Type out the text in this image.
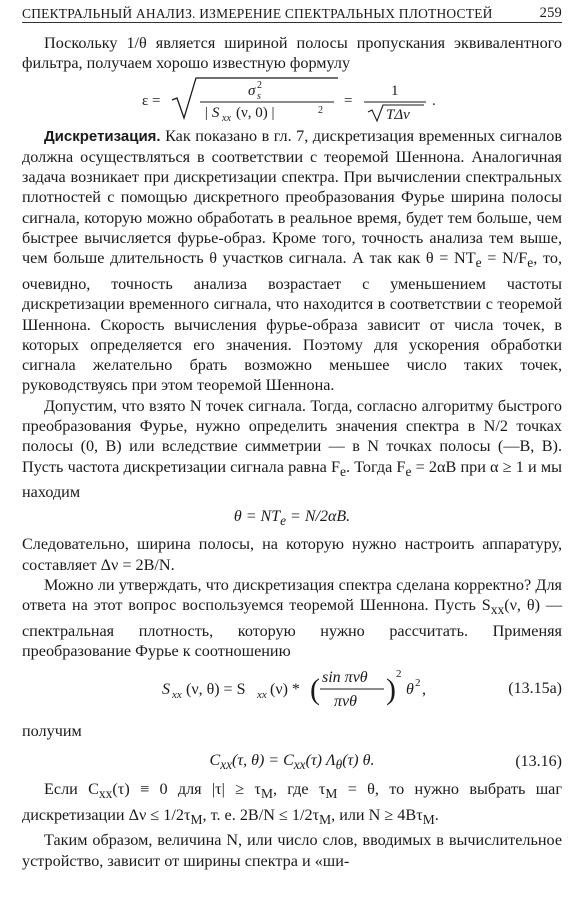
СПЕКТРАЛЬНЫЙ АНАЛИЗ. ИЗМЕРЕНИЕ СПЕКТРАЛЬНЫХ ПЛОТНОСТЕЙ	259

Поскольку 1/θ является шириной полосы пропускания эквивалентного фильтра, получаем хорошо известную формулу

ε =
σ 2
s
| S xx (ν, 0) |	2
=
1
TΔν
.

Дискретизация. Как показано в гл. 7, дискретизация временных сигналов должна осуществляться в соответствии с теоремой Шеннона. Аналогичная задача возникает при дискретизации спектра. При вычислении спектральных плотностей с помощью дискретного преобразования Фурье ширина полосы сигнала, которую можно обработать в реальное время, будет тем больше, чем быстрее вычисляется фурье-образ. Кроме того, точность анализа тем выше, чем больше длительность θ участков сигнала. А так как $\theta = NT_e = N/F_e$, то, очевидно, точность анализа возрастает с уменьшением частоты дискретизации временного сигнала, что находится в соответствии с теоремой Шеннона. Скорость вычисления фурье-образа зависит от числа точек, в которых определяется его значения. Поэтому для ускорения обработки сигнала желательно брать возможно меньшее число таких точек, руководствуясь при этом теоремой Шеннона.

Допустим, что взято N точек сигнала. Тогда, согласно алгоритму быстрого преобразования Фурье, нужно определить значения спектра в N/2 точках полосы (0, B) или вследствие симметрии — в N точках полосы (—B, B). Пусть частота дискретизации сигнала равна $F_e$. Тогда $F_e = 2\alpha B$ при α ≥ 1 и мы находим

$\theta = NT_e = N/2\alpha B$.

Следовательно, ширина полосы, на которую нужно настроить аппаратуру, составляет Δν = 2B/N.

Можно ли утверждать, что дискретизация спектра сделана корректно? Для ответа на этот вопрос воспользуемся теоремой Шеннона. Пусть $S_{xx}(\nu$, θ) — спектральная плотность, которую нужно рассчитать. Применяя преобразование Фурье к соотношению

S xx (ν, θ) = S xx (ν) * ( sin πνθ
πνθ ) 2
θ 2 ,	(13.15a)
получим
$C_{xx}(\tau$, $\theta) = C_{xx}(\tau)$ $\Lambda_\theta(\tau)$ θ.	(13.16)

Если $C_{xx}(\tau) \equiv 0$ для $|\tau| \ge \tau_M$, где $\tau_M = \theta$, то нужно выбрать шаг дискретизации $\Delta\nu \le 1/2\tau_M$, т. е. $2B/N \le 1/2\tau_M$, или $N \ge 4B\tau_M$.

Таким образом, величина N, или число слов, вводимых в вычислительное устройство, зависит от ширины спектра и «ши-
